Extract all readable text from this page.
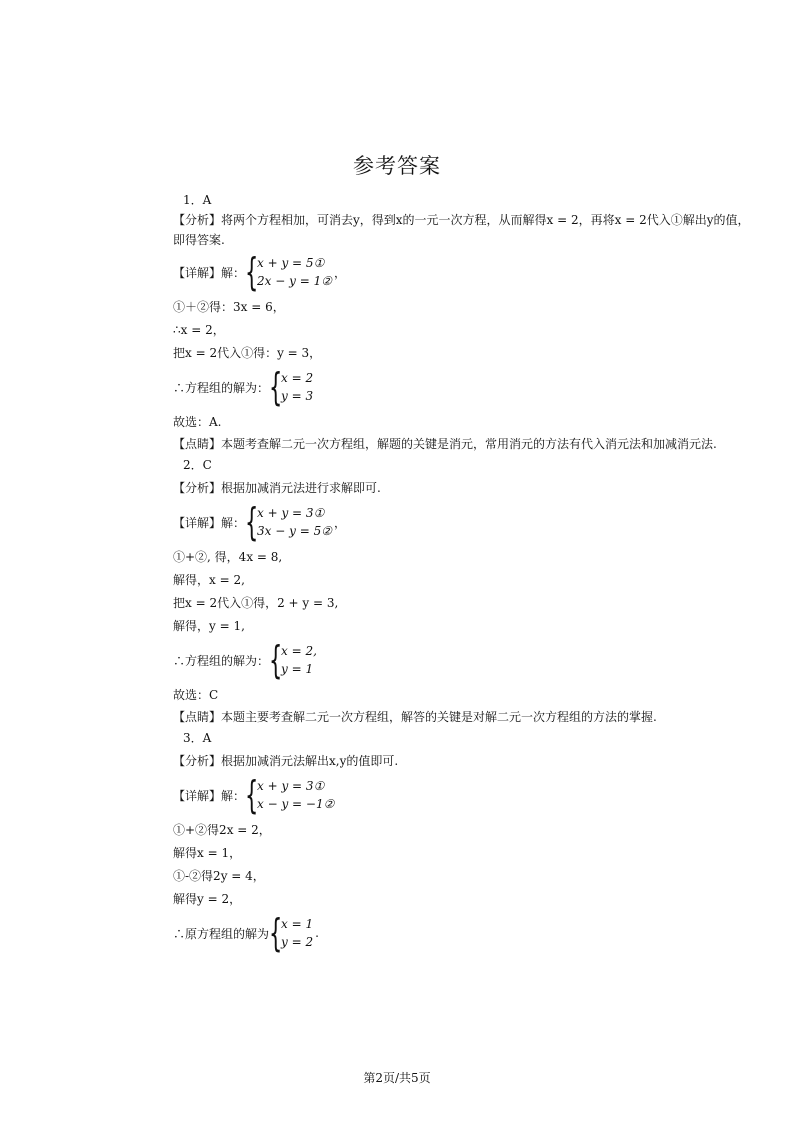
参考答案
1．A
【分析】将两个方程相加，可消去y，得到x的一元一次方程，从而解得x = 2，再将x = 2代入①解出y的值，
即得答案.
【详解】解： {
x + y = 5①
2x − y = 1②
，
①＋②得：3x = 6，
∴x = 2，
把x = 2代入①得：y = 3，
∴方程组的解为： {
x = 2
y = 3
故选：A.
【点睛】本题考查解二元一次方程组，解题的关键是消元，常用消元的方法有代入消元法和加减消元法.
2．C
【分析】根据加减消元法进行求解即可.
【详解】解： {
x + y = 3①
3x − y = 5②
，
①+②, 得，4x = 8,
解得，x = 2,
把x = 2代入①得，2 + y = 3,
解得，y = 1,
∴方程组的解为： {
x = 2,
y = 1
故选：C
【点睛】本题主要考查解二元一次方程组，解答的关键是对解二元一次方程组的方法的掌握.
3．A
【分析】根据加减消元法解出x,y的值即可.
【详解】解： {
x + y = 3①
x − y = −1②
①+②得2x = 2，
解得x = 1，
①-②得2y = 4，
解得y = 2，
∴原方程组的解为 {
x = 1
y = 2
.
第2页/共5页
